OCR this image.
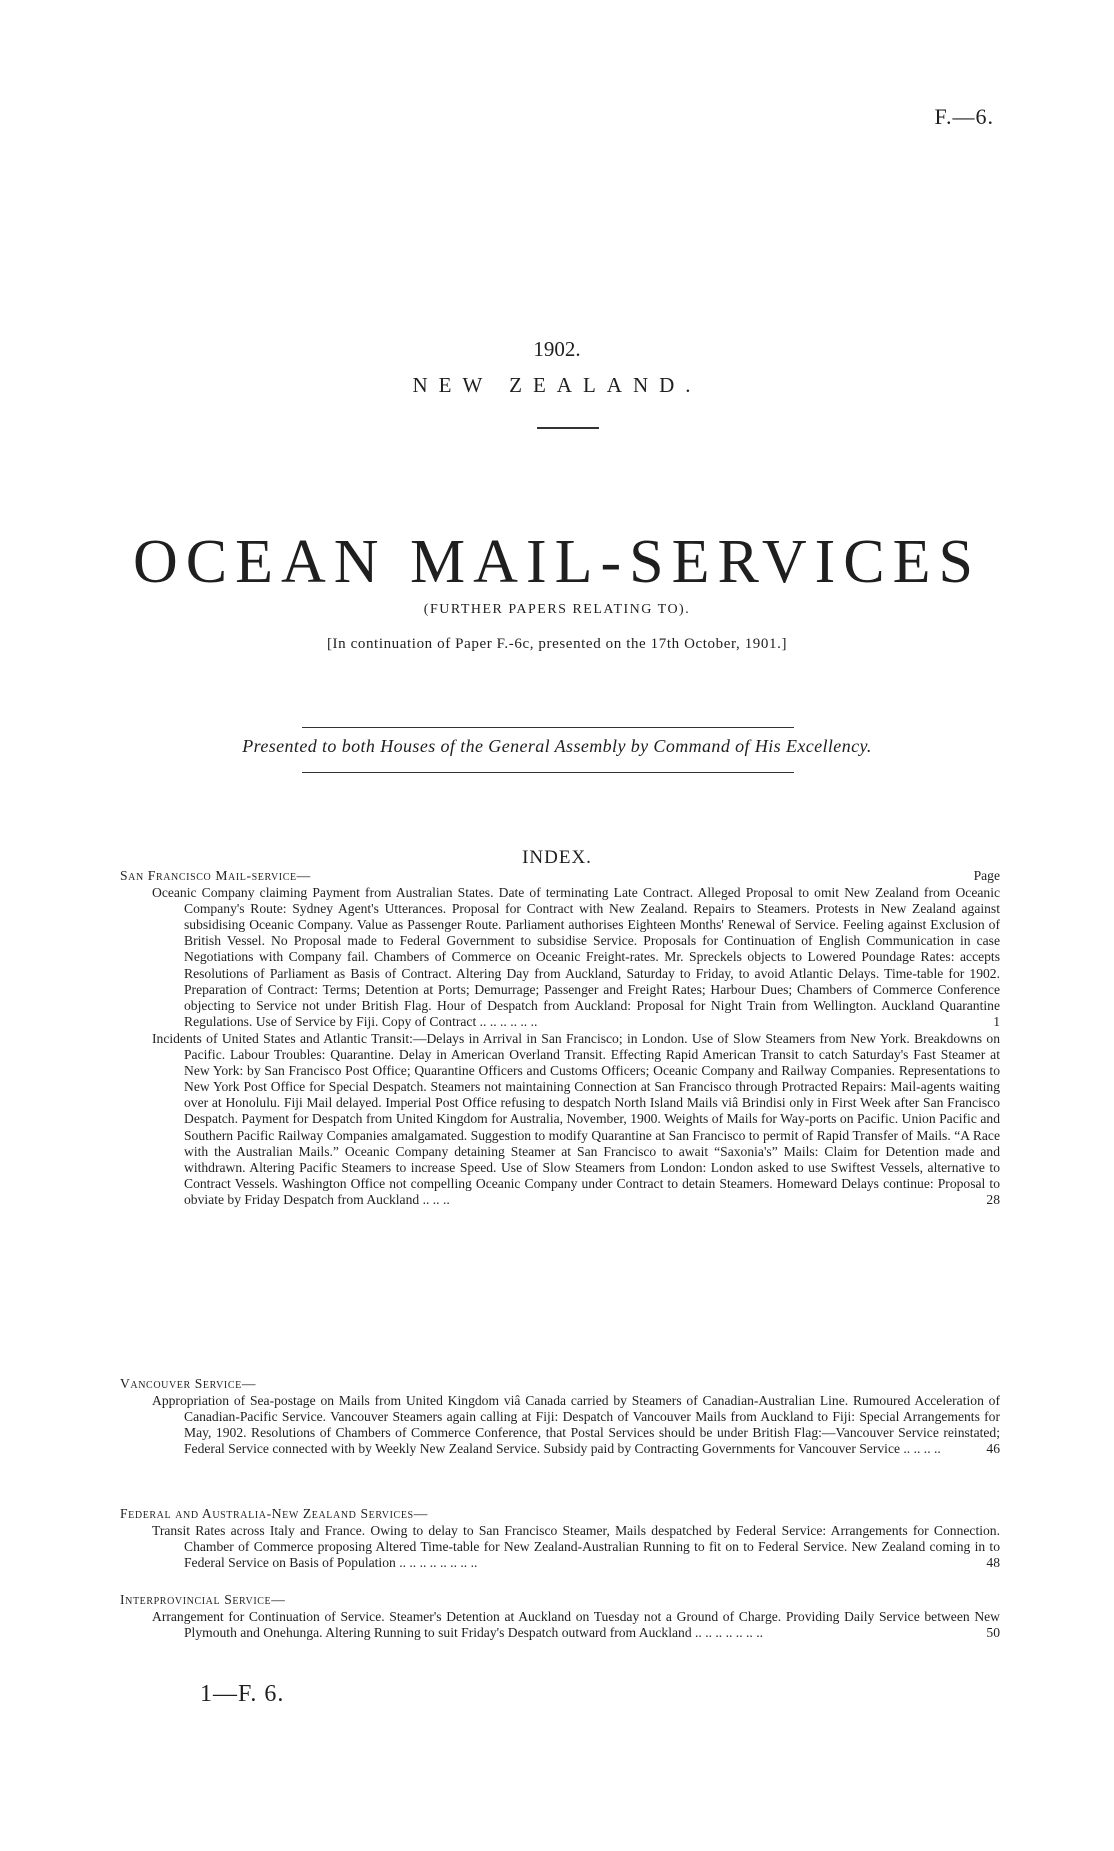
F.—6.
1902.
NEW ZEALAND.
OCEAN MAIL-SERVICES
(FURTHER PAPERS RELATING TO).
[In continuation of Paper F.-6c, presented on the 17th October, 1901.]
Presented to both Houses of the General Assembly by Command of His Excellency.
INDEX.
San Francisco Mail-service—	Page
Oceanic Company claiming Payment from Australian States. Date of terminating Late Contract. Alleged Proposal to omit New Zealand from Oceanic Company's Route: Sydney Agent's Utterances. Proposal for Contract with New Zealand. Repairs to Steamers. Protests in New Zealand against subsidising Oceanic Company. Value as Passenger Route. Parliament authorises Eighteen Months' Renewal of Service. Feeling against Exclusion of British Vessel. No Proposal made to Federal Government to subsidise Service. Proposals for Continuation of English Communication in case Negotiations with Company fail. Chambers of Commerce on Oceanic Freight-rates. Mr. Spreckels objects to Lowered Poundage Rates: accepts Resolutions of Parliament as Basis of Contract. Altering Day from Auckland, Saturday to Friday, to avoid Atlantic Delays. Time-table for 1902. Preparation of Contract: Terms; Detention at Ports; Demurrage; Passenger and Freight Rates; Harbour Dues; Chambers of Commerce Conference objecting to Service not under British Flag. Hour of Despatch from Auckland: Proposal for Night Train from Wellington. Auckland Quarantine Regulations. Use of Service by Fiji. Copy of Contract .. .. .. .. .. ..	1
Incidents of United States and Atlantic Transit:—Delays in Arrival in San Francisco; in London. Use of Slow Steamers from New York. Breakdowns on Pacific. Labour Troubles: Quarantine. Delay in American Overland Transit. Effecting Rapid American Transit to catch Saturday's Fast Steamer at New York: by San Francisco Post Office; Quarantine Officers and Customs Officers; Oceanic Company and Railway Companies. Representations to New York Post Office for Special Despatch. Steamers not maintaining Connection at San Francisco through Protracted Repairs: Mail-agents waiting over at Honolulu. Fiji Mail delayed. Imperial Post Office refusing to despatch North Island Mails viâ Brindisi only in First Week after San Francisco Despatch. Payment for Despatch from United Kingdom for Australia, November, 1900. Weights of Mails for Way-ports on Pacific. Union Pacific and Southern Pacific Railway Companies amalgamated. Suggestion to modify Quarantine at San Francisco to permit of Rapid Transfer of Mails. “A Race with the Australian Mails.” Oceanic Company detaining Steamer at San Francisco to await “Saxonia's” Mails: Claim for Detention made and withdrawn. Altering Pacific Steamers to increase Speed. Use of Slow Steamers from London: London asked to use Swiftest Vessels, alternative to Contract Vessels. Washington Office not compelling Oceanic Company under Contract to detain Steamers. Homeward Delays continue: Proposal to obviate by Friday Despatch from Auckland .. .. ..	28
Vancouver Service—
Appropriation of Sea-postage on Mails from United Kingdom viâ Canada carried by Steamers of Canadian-Australian Line. Rumoured Acceleration of Canadian-Pacific Service. Vancouver Steamers again calling at Fiji: Despatch of Vancouver Mails from Auckland to Fiji: Special Arrangements for May, 1902. Resolutions of Chambers of Commerce Conference, that Postal Services should be under British Flag:—Vancouver Service reinstated; Federal Service connected with by Weekly New Zealand Service. Subsidy paid by Contracting Governments for Vancouver Service .. .. .. ..	46
Federal and Australia-New Zealand Services—
Transit Rates across Italy and France. Owing to delay to San Francisco Steamer, Mails despatched by Federal Service: Arrangements for Connection. Chamber of Commerce proposing Altered Time-table for New Zealand-Australian Running to fit on to Federal Service. New Zealand coming in to Federal Service on Basis of Population .. .. .. .. .. .. .. ..	48
Interprovincial Service—
Arrangement for Continuation of Service. Steamer's Detention at Auckland on Tuesday not a Ground of Charge. Providing Daily Service between New Plymouth and Onehunga. Altering Running to suit Friday's Despatch outward from Auckland .. .. .. .. .. .. ..	50
1—F. 6.
